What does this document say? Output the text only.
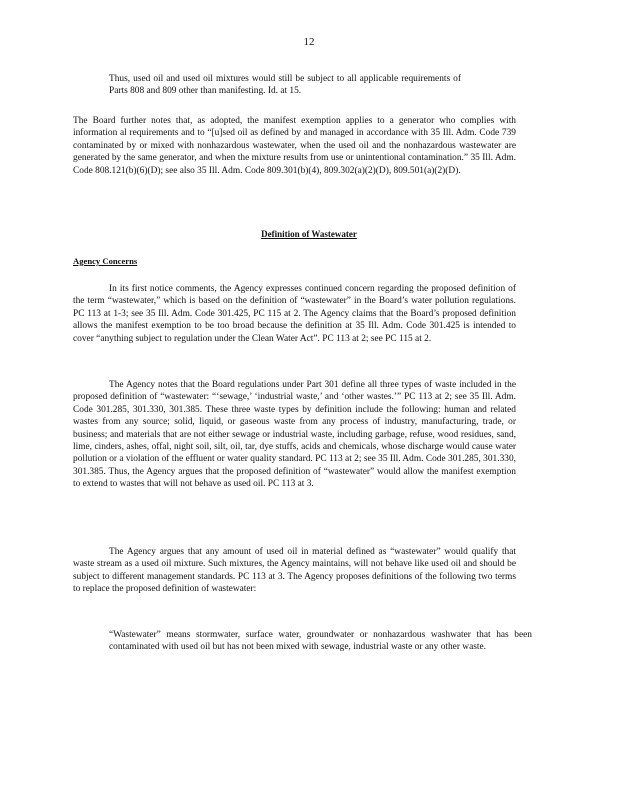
12

Thus, used oil and used oil mixtures would still be subject to all applicable requirements of Parts 808 and 809 other than manifesting. Id. at 15.

The Board further notes that, as adopted, the manifest exemption applies to a generator who complies with information al requirements and to “[u]sed oil as defined by and managed in accordance with 35 Ill. Adm. Code 739 contaminated by or mixed with nonhazardous wastewater, when the used oil and the nonhazardous wastewater are generated by the same generator, and when the mixture results from use or unintentional contamination.” 35 Ill. Adm. Code 808.121(b)(6)(D); see also 35 Ill. Adm. Code 809.301(b)(4), 809.302(a)(2)(D), 809.501(a)(2)(D).

Definition of Wastewater
Agency Concerns

In its first notice comments, the Agency expresses continued concern regarding the proposed definition of the term “wastewater,” which is based on the definition of “wastewater” in the Board’s water pollution regulations. PC 113 at 1-3; see 35 Ill. Adm. Code 301.425, PC 115 at 2. The Agency claims that the Board’s proposed definition allows the manifest exemption to be too broad because the definition at 35 Ill. Adm. Code 301.425 is intended to cover “anything subject to regulation under the Clean Water Act”. PC 113 at 2; see PC 115 at 2.

The Agency notes that the Board regulations under Part 301 define all three types of waste included in the proposed definition of “wastewater: “‘sewage,’ ‘industrial waste,’ and ‘other wastes.’” PC 113 at 2; see 35 Ill. Adm. Code 301.285, 301.330, 301.385. These three waste types by definition include the following: human and related wastes from any source; solid, liquid, or gaseous waste from any process of industry, manufacturing, trade, or business; and materials that are not either sewage or industrial waste, including garbage, refuse, wood residues, sand, lime, cinders, ashes, offal, night soil, silt, oil, tar, dye stuffs, acids and chemicals, whose discharge would cause water pollution or a violation of the effluent or water quality standard. PC 113 at 2; see 35 Ill. Adm. Code 301.285, 301.330, 301.385. Thus, the Agency argues that the proposed definition of “wastewater” would allow the manifest exemption to extend to wastes that will not behave as used oil. PC 113 at 3.

The Agency argues that any amount of used oil in material defined as “wastewater” would qualify that waste stream as a used oil mixture. Such mixtures, the Agency maintains, will not behave like used oil and should be subject to different management standards. PC 113 at 3. The Agency proposes definitions of the following two terms to replace the proposed definition of wastewater:

“Wastewater” means stormwater, surface water, groundwater or nonhazardous washwater that has been contaminated with used oil but has not been mixed with sewage, industrial waste or any other waste.
